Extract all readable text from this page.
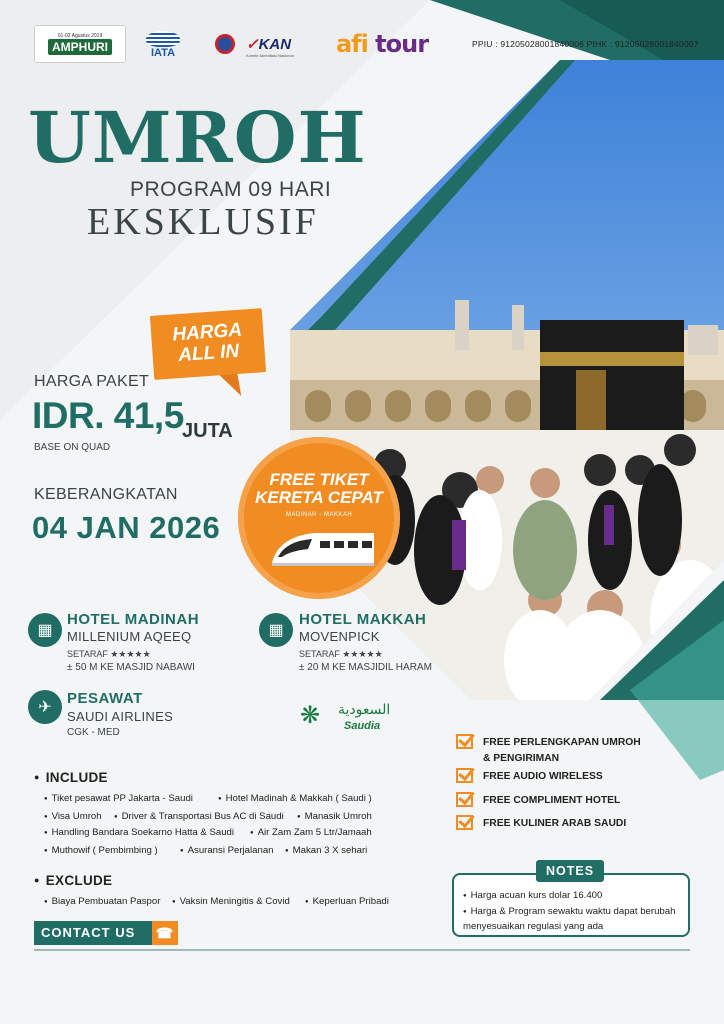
01-02 Agustus 2019
AMPHURI	IATA
✓KAN
Komite Akreditasi Nasional afi
tour	PPIU : 91205028001840006 PIHK : 91205028001840007
UMROH
PROGRAM 09 HARI
EKSKLUSIF
HARGA
ALL IN
HARGA PAKET
IDR. 41,5
JUTA
BASE ON QUAD
KEBERANGKATAN
04 JAN 2026
FREE TIKET
KERETA CEPAT
MADINAH - MAKKAH
▦
HOTEL MADINAH
MILLENIUM AQEEQ
SETARAF ★★★★★
± 50 M KE MASJID NABAWI
▦
HOTEL MAKKAH
MOVENPICK
SETARAF ★★★★★
± 20 M KE MASJIDIL HARAM
✈
PESAWAT
SAUDI AIRLINES
CGK - MED
❋ السعودية
Saudia
● INCLUDE
● Tiket pesawat PP Jakarta - Saudi	● Hotel Madinah & Makkah ( Saudi )
● Visa Umroh	● Driver & Transportasi Bus AC di Saudi	● Manasik Umroh
● Handling Bandara Soekarno Hatta & Saudi	● Air Zam Zam 5 Ltr/Jamaah
● Muthowif ( Pembimbing )	● Asuransi Perjalanan	● Makan 3 X sehari
● EXCLUDE
● Biaya Pembuatan Paspor	● Vaksin Meningitis & Covid	● Keperluan Pribadi
FREE PERLENGKAPAN UMROH
& PENGIRIMAN
FREE AUDIO WIRELESS
FREE COMPLIMENT HOTEL
FREE KULINER ARAB SAUDI
● Harga acuan kurs dolar 16.400
● Harga & Program sewaktu waktu dapat berubah menyesuaikan regulasi yang ada
NOTES
CONTACT US ☎
